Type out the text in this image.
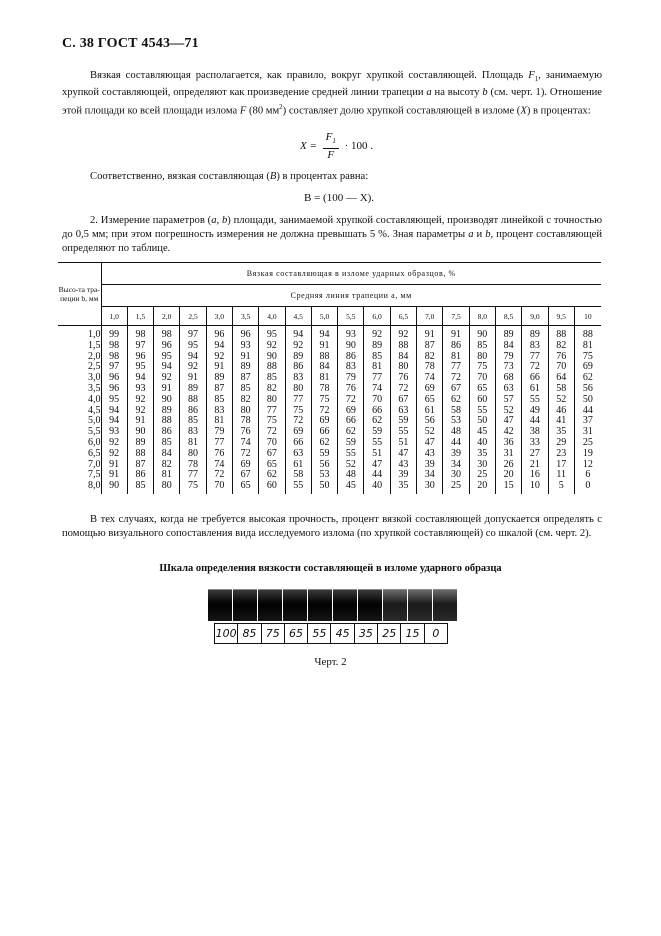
С. 38 ГОСТ 4543—71

Вязкая составляющая располагается, как правило, вокруг хрупкой составляющей. Площадь $F_1$, занимаемую хрупкой составляющей, определяют как произведение средней линии трапеции a на высоту b (см. черт. 1). Отношение этой площади ко всей площади излома F (80 $мм^2$) составляет долю хрупкой составляющей в изломе (X) в процентах:

$X = \frac{F_1}{F} \cdot 100$ .

Соответственно, вязкая составляющая (B) в процентах равна:

B = (100 — X).

2. Измерение параметров (a, b) площади, занимаемой хрупкой составляющей, производят линейкой с точностью до 0,5 мм; при этом погрешность измерения не должна превышать 5 %. Зная параметры a и b, процент составляющей определяют по таблице.

Высо-та тра-пеции b, мм	Вязкая составляющая в изломе ударных образцов, %																		
	Средняя линия трапеции a, мм																		
	1,0	1,5	2,0	2,5	3,0	3,5	4,0	4,5	5,0	5,5	6,0	6,5	7,0	7,5	8,0	8,5	9,0	9,5	10
1,0	99	98	98	97	96	96	95	94	94	93	92	92	91	91	90	89	89	88	88
1,5	98	97	96	95	94	93	92	92	91	90	89	88	87	86	85	84	83	82	81
2,0	98	96	95	94	92	91	90	89	88	86	85	84	82	81	80	79	77	76	75
2,5	97	95	94	92	91	89	88	86	84	83	81	80	78	77	75	73	72	70	69
3,0	96	94	92	91	89	87	85	83	81	79	77	76	74	72	70	68	66	64	62
3,5	96	93	91	89	87	85	82	80	78	76	74	72	69	67	65	63	61	58	56
4,0	95	92	90	88	85	82	80	77	75	72	70	67	65	62	60	57	55	52	50
4,5	94	92	89	86	83	80	77	75	72	69	66	63	61	58	55	52	49	46	44
5,0	94	91	88	85	81	78	75	72	69	66	62	59	56	53	50	47	44	41	37
5,5	93	90	86	83	79	76	72	69	66	62	59	55	52	48	45	42	38	35	31
6,0	92	89	85	81	77	74	70	66	62	59	55	51	47	44	40	36	33	29	25
6,5	92	88	84	80	76	72	67	63	59	55	51	47	43	39	35	31	27	23	19
7,0	91	87	82	78	74	69	65	61	56	52	47	43	39	34	30	26	21	17	12
7,5	91	86	81	77	72	67	62	58	53	48	44	39	34	30	25	20	16	11	6
8,0	90	85	80	75	70	65	60	55	50	45	40	35	30	25	20	15	10	5	0

В тех случаях, когда не требуется высокая прочность, процент вязкой составляющей допускается определять с помощью визуального сопоставления вида исследуемого излома (по хрупкой составляющей) со шкалой (см. черт. 2).

Шкала определения вязкости составляющей в изломе ударного образца
100 85 75 65 55 45 35 25 15	0
Черт. 2
